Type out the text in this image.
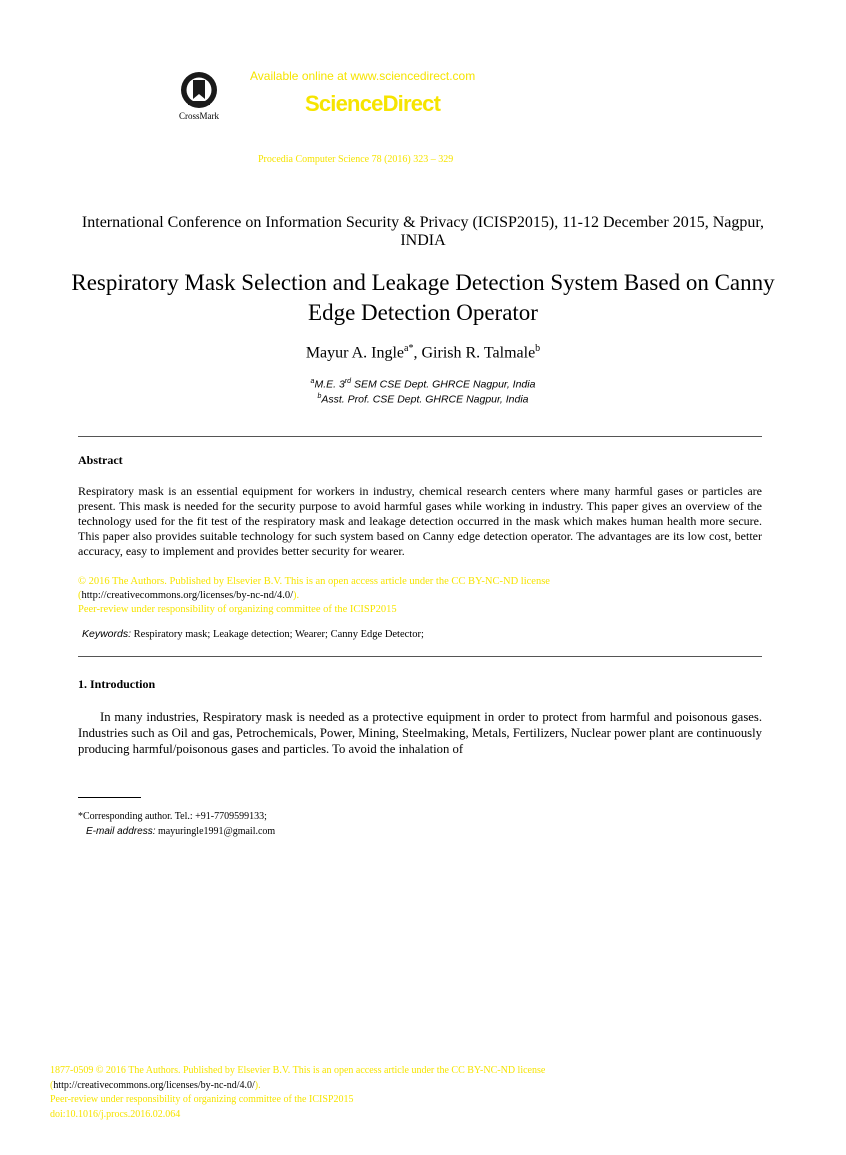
CrossMark
Available online at www.sciencedirect.com
ScienceDirect
Procedia Computer Science 78 (2016) 323 – 329
International Conference on Information Security & Privacy (ICISP2015), 11-12 December 2015, Nagpur, INDIA
Respiratory Mask Selection and Leakage Detection System Based on Canny Edge Detection Operator
Mayur A. Ingle$^{a*}$, Girish R. Talmale$^b$
$^a$M.E. 3rd SEM CSE Dept. GHRCE Nagpur, India
$^b$Asst. Prof. CSE Dept. GHRCE Nagpur, India
Abstract
Respiratory mask is an essential equipment for workers in industry, chemical research centers where many harmful gases or particles are present. This mask is needed for the security purpose to avoid harmful gases while working in industry. This paper gives an overview of the technology used for the fit test of the respiratory mask and leakage detection occurred in the mask which makes human health more secure. This paper also provides suitable technology for such system based on Canny edge detection operator. The advantages are its low cost, better accuracy, easy to implement and provides better security for wearer.
© 2016 The Authors. Published by Elsevier B.V. This is an open access article under the CC BY-NC-ND license
(http://creativecommons.org/licenses/by-nc-nd/4.0/).
Peer-review under responsibility of organizing committee of the ICISP2015
Keywords: Respiratory mask; Leakage detection; Wearer; Canny Edge Detector;
1. Introduction
In many industries, Respiratory mask is needed as a protective equipment in order to protect from harmful and poisonous gases. Industries such as Oil and gas, Petrochemicals, Power, Mining, Steelmaking, Metals, Fertilizers, Nuclear power plant are continuously producing harmful/poisonous gases and particles. To avoid the inhalation of
*Corresponding author. Tel.: +91-7709599133;
E-mail address: mayuringle1991@gmail.com
1877-0509 © 2016 The Authors. Published by Elsevier B.V. This is an open access article under the CC BY-NC-ND license
(http://creativecommons.org/licenses/by-nc-nd/4.0/).
Peer-review under responsibility of organizing committee of the ICISP2015
doi:10.1016/j.procs.2016.02.064
